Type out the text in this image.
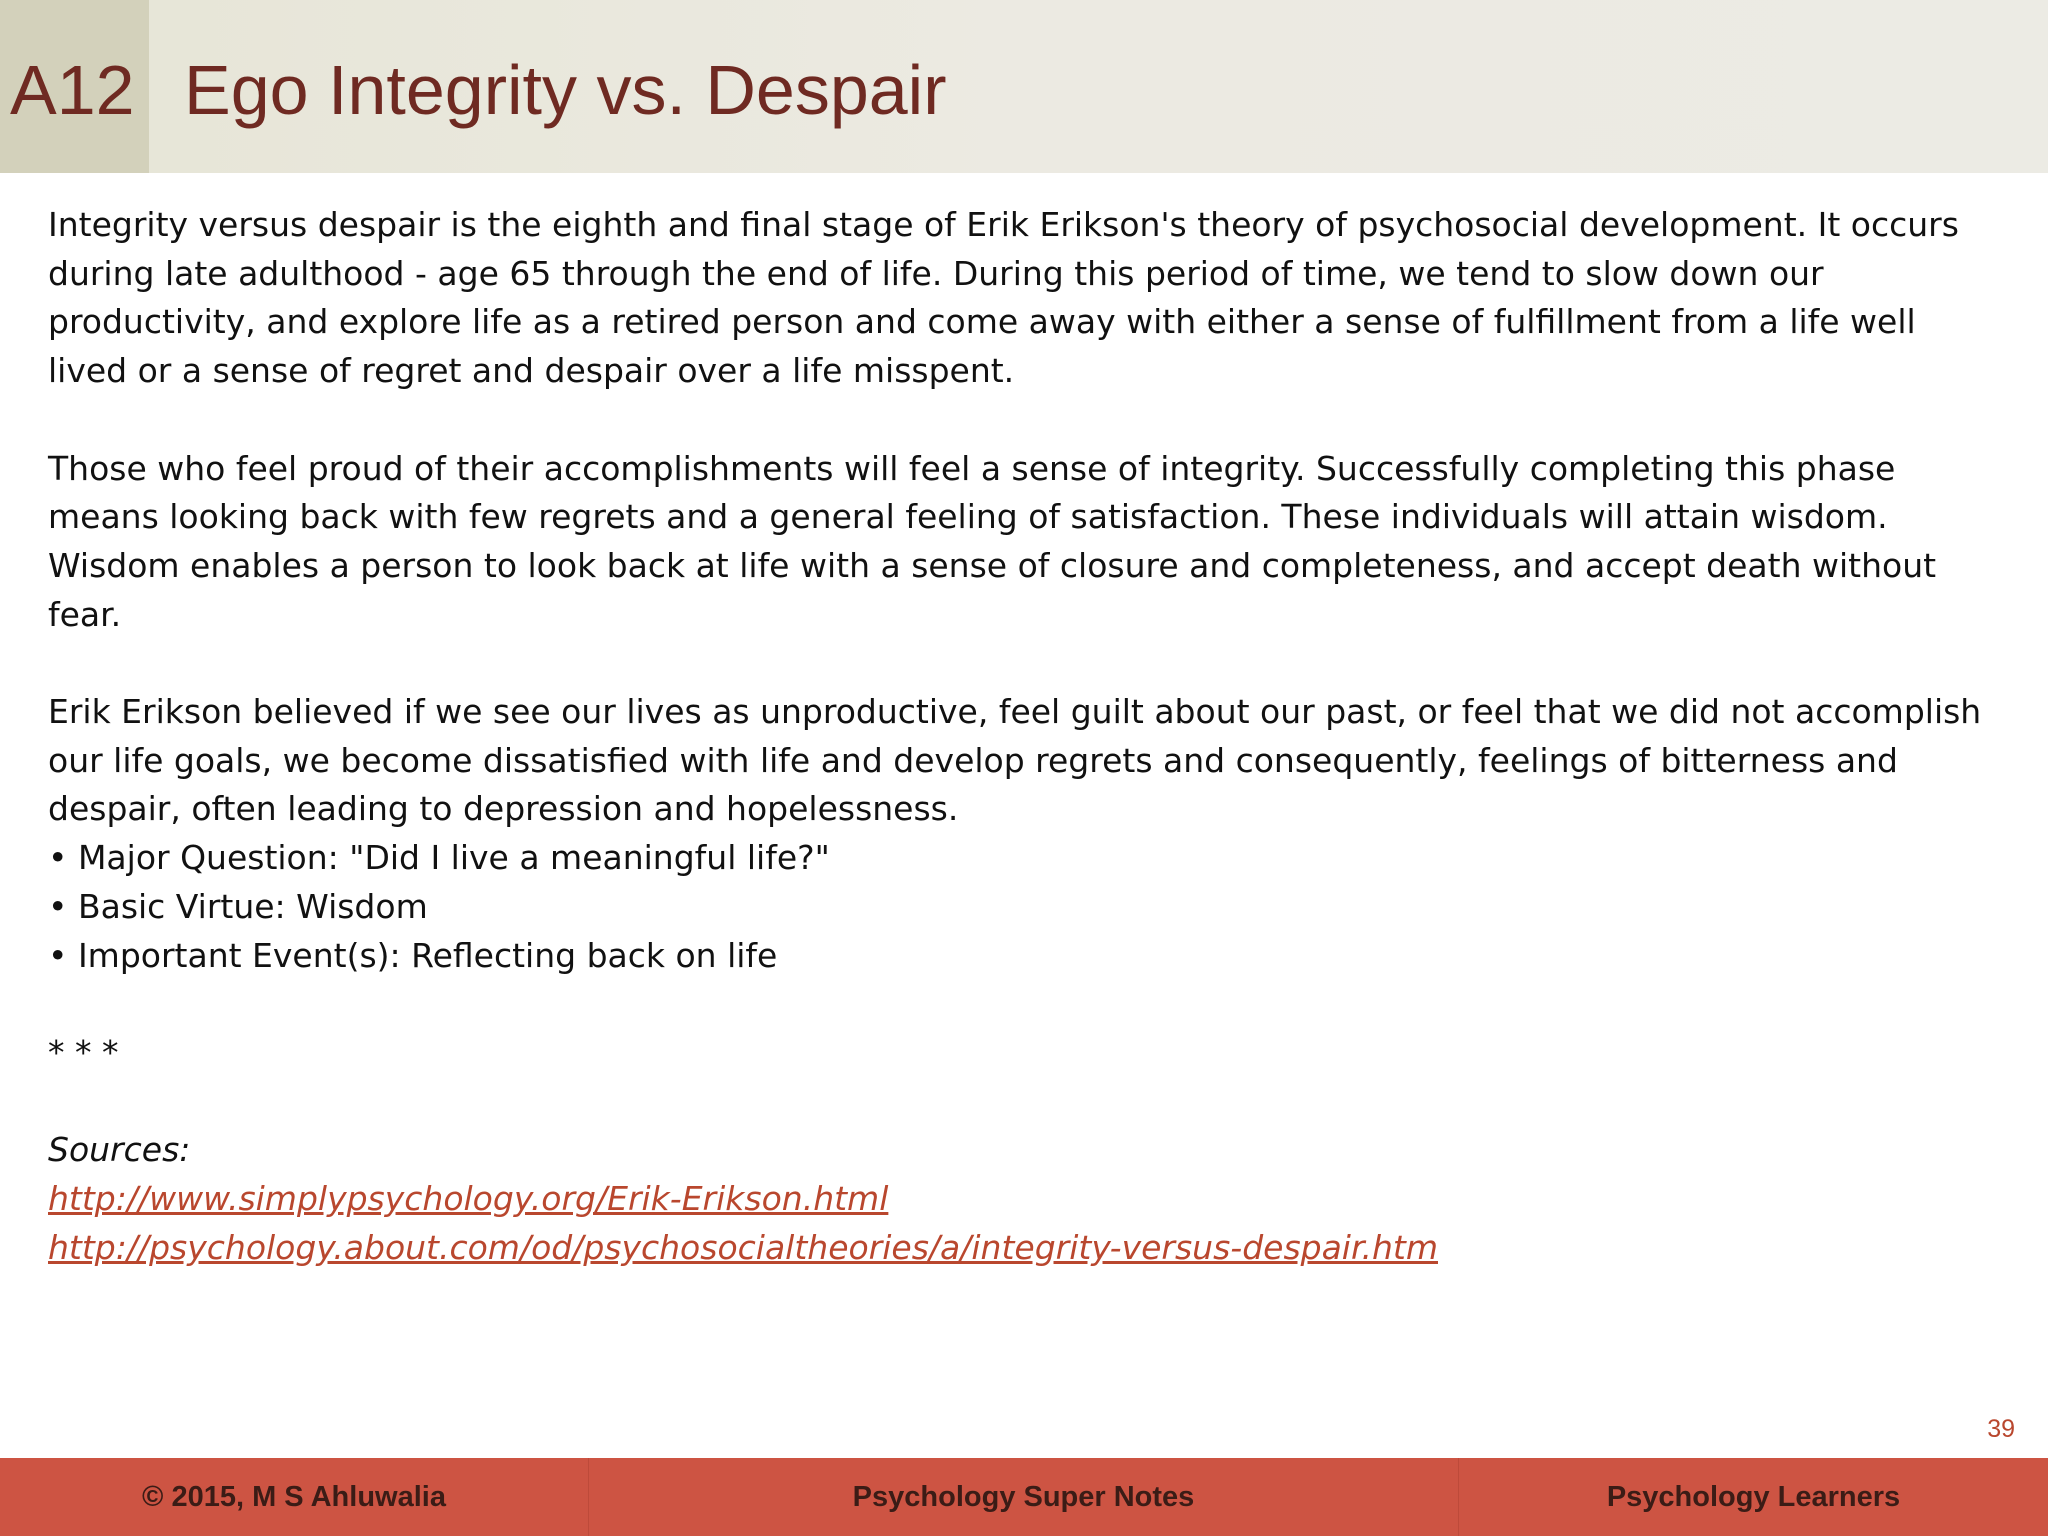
A12 Ego Integrity vs. Despair

Integrity versus despair is the eighth and final stage of Erik Erikson's theory of psychosocial development. It occurs

during late adulthood - age 65 through the end of life. During this period of time, we tend to slow down our

productivity, and explore life as a retired person and come away with either a sense of fulfillment from a life well

lived or a sense of regret and despair over a life misspent.

Those who feel proud of their accomplishments will feel a sense of integrity. Successfully completing this phase

means looking back with few regrets and a general feeling of satisfaction. These individuals will attain wisdom.

Wisdom enables a person to look back at life with a sense of closure and completeness, and accept death without

fear.

Erik Erikson believed if we see our lives as unproductive, feel guilt about our past, or feel that we did not accomplish

our life goals, we become dissatisfied with life and develop regrets and consequently, feelings of bitterness and

despair, often leading to depression and hopelessness.

• Major Question: "Did I live a meaningful life?"

• Basic Virtue: Wisdom

• Important Event(s): Reflecting back on life

* * *

Sources:

http://www.simplypsychology.org/Erik-Erikson.html

http://psychology.about.com/od/psychosocialtheories/a/integrity-versus-despair.htm

39
© 2015, M S Ahluwalia	Psychology Super Notes	Psychology Learners
